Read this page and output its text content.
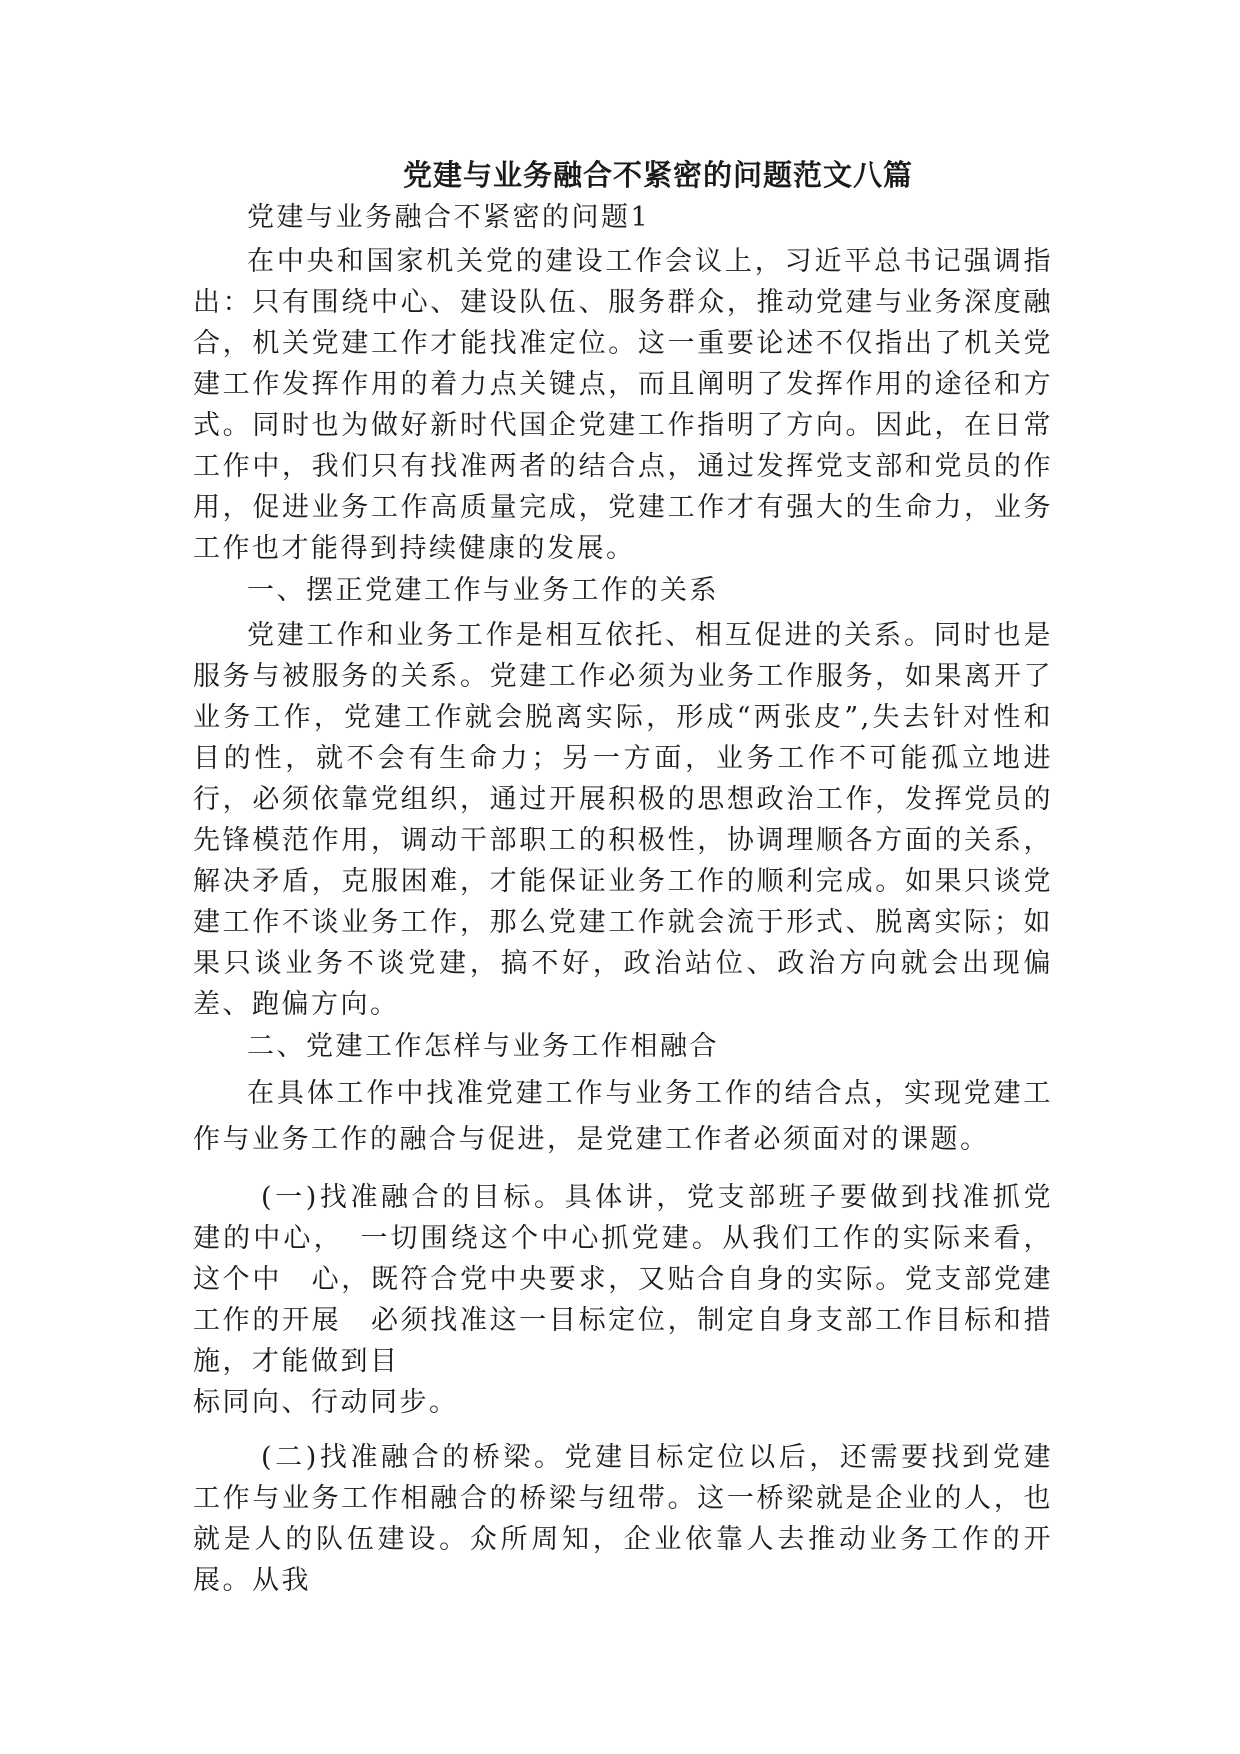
党建与业务融合不紧密的问题范文八篇

党建与业务融合不紧密的问题1

在中央和国家机关党的建设工作会议上，习近平总书记强调指出：只有围绕中心、建设队伍、服务群众，推动党建与业务深度融合，机关党建工作才能找准定位。这一重要论述不仅指出了机关党建工作发挥作用的着力点关键点，而且阐明了发挥作用的途径和方式。同时也为做好新时代国企党建工作指明了方向。因此，在日常工作中，我们只有找准两者的结合点，通过发挥党支部和党员的作用，促进业务工作高质量完成，党建工作才有强大的生命力，业务工作也才能得到持续健康的发展。

一、摆正党建工作与业务工作的关系

党建工作和业务工作是相互依托、相互促进的关系。同时也是服务与被服务的关系。党建工作必须为业务工作服务，如果离开了业务工作，党建工作就会脱离实际，形成“两张皮”,失去针对性和目的性，就不会有生命力；另一方面，业务工作不可能孤立地进行，必须依靠党组织，通过开展积极的思想政治工作，发挥党员的先锋模范作用，调动干部职工的积极性，协调理顺各方面的关系，解决矛盾，克服困难，才能保证业务工作的顺利完成。如果只谈党建工作不谈业务工作，那么党建工作就会流于形式、脱离实际；如果只谈业务不谈党建，搞不好，政治站位、政治方向就会出现偏差、跑偏方向。

二、党建工作怎样与业务工作相融合

在具体工作中找准党建工作与业务工作的结合点，实现党建工作与业务工作的融合与促进，是党建工作者必须面对的课题。

(一)找准融合的目标。具体讲，党支部班子要做到找准抓党建的中心，　一切围绕这个中心抓党建。从我们工作的实际来看，这个中　心，既符合党中央要求，又贴合自身的实际。党支部党建工作的开展　必须找准这一目标定位，制定自身支部工作目标和措施，才能做到目

标同向、行动同步。

(二)找准融合的桥梁。党建目标定位以后，还需要找到党建工作与业务工作相融合的桥梁与纽带。这一桥梁就是企业的人，也就是人的队伍建设。众所周知，企业依靠人去推动业务工作的开展。从我
